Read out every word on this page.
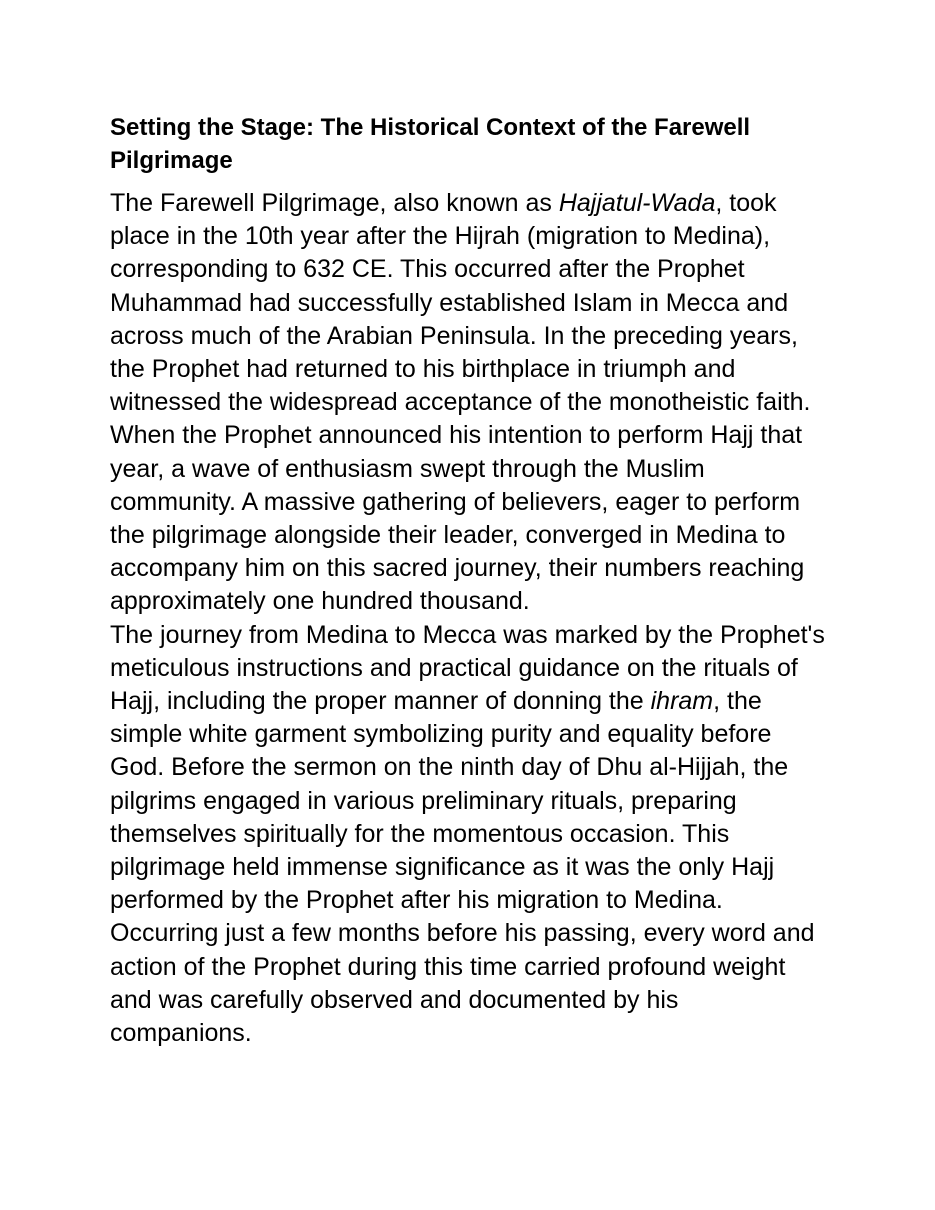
Setting the Stage: The Historical Context of the Farewell Pilgrimage

The Farewell Pilgrimage, also known as Hajjatul-Wada, took place in the 10th year after the Hijrah (migration to Medina), corresponding to 632 CE. This occurred after the Prophet Muhammad had successfully established Islam in Mecca and across much of the Arabian Peninsula. In the preceding years, the Prophet had returned to his birthplace in triumph and witnessed the widespread acceptance of the monotheistic faith. When the Prophet announced his intention to perform Hajj that year, a wave of enthusiasm swept through the Muslim community. A massive gathering of believers, eager to perform the pilgrimage alongside their leader, converged in Medina to accompany him on this sacred journey, their numbers reaching approximately one hundred thousand.

The journey from Medina to Mecca was marked by the Prophet's meticulous instructions and practical guidance on the rituals of Hajj, including the proper manner of donning the ihram, the simple white garment symbolizing purity and equality before God. Before the sermon on the ninth day of Dhu al-Hijjah, the pilgrims engaged in various preliminary rituals, preparing themselves spiritually for the momentous occasion. This pilgrimage held immense significance as it was the only Hajj performed by the Prophet after his migration to Medina. Occurring just a few months before his passing, every word and action of the Prophet during this time carried profound weight and was carefully observed and documented by his companions.
